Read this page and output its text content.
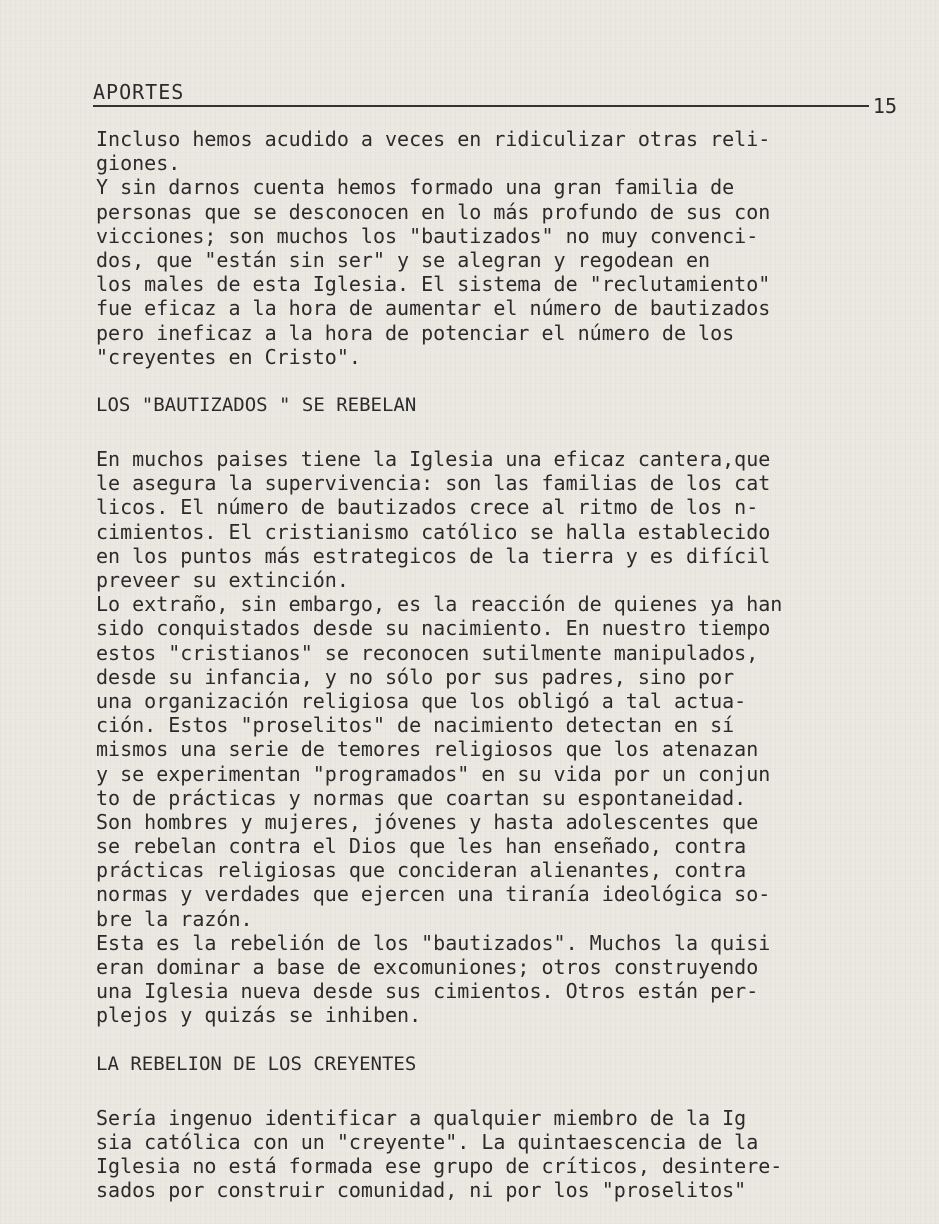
APORTES
15
Incluso hemos acudido a veces en ridiculizar otras reli-
giones.
Y sin darnos cuenta hemos formado una gran familia de
personas que se desconocen en lo más profundo de sus con
vicciones; son muchos los "bautizados" no muy convenci-
dos, que "están sin ser" y se alegran y regodean en
los males de esta Iglesia. El sistema de "reclutamiento"
fue eficaz a la hora de aumentar el número de bautizados
pero ineficaz a la hora de potenciar el número de los
"creyentes en Cristo".
LOS "BAUTIZADOS " SE REBELAN
En muchos paises tiene la Iglesia una eficaz cantera,que
le asegura la supervivencia: son las familias de los cat
licos. El número de bautizados crece al ritmo de los n-
cimientos. El cristianismo católico se halla establecido
en los puntos más estrategicos de la tierra y es difícil
preveer su extinción.
Lo extraño, sin embargo, es la reacción de quienes ya han
sido conquistados desde su nacimiento. En nuestro tiempo
estos "cristianos" se reconocen sutilmente manipulados,
desde su infancia, y no sólo por sus padres, sino por
una organización religiosa que los obligó a tal actua-
ción. Estos "proselitos" de nacimiento detectan en sí
mismos una serie de temores religiosos que los atenazan
y se experimentan "programados" en su vida por un conjun
to de prácticas y normas que coartan su espontaneidad.
Son hombres y mujeres, jóvenes y hasta adolescentes que
se rebelan contra el Dios que les han enseñado, contra
prácticas religiosas que concideran alienantes, contra
normas y verdades que ejercen una tiranía ideológica so-
bre la razón.
Esta es la rebelión de los "bautizados". Muchos la quisi
eran dominar a base de excomuniones; otros construyendo
una Iglesia nueva desde sus cimientos. Otros están per-
plejos y quizás se inhiben.
LA REBELION DE LOS CREYENTES
Sería ingenuo identificar a qualquier miembro de la Ig
sia católica con un "creyente". La quintaescencia de la
Iglesia no está formada ese grupo de críticos, desintere-
sados por construir comunidad, ni por los "proselitos"
